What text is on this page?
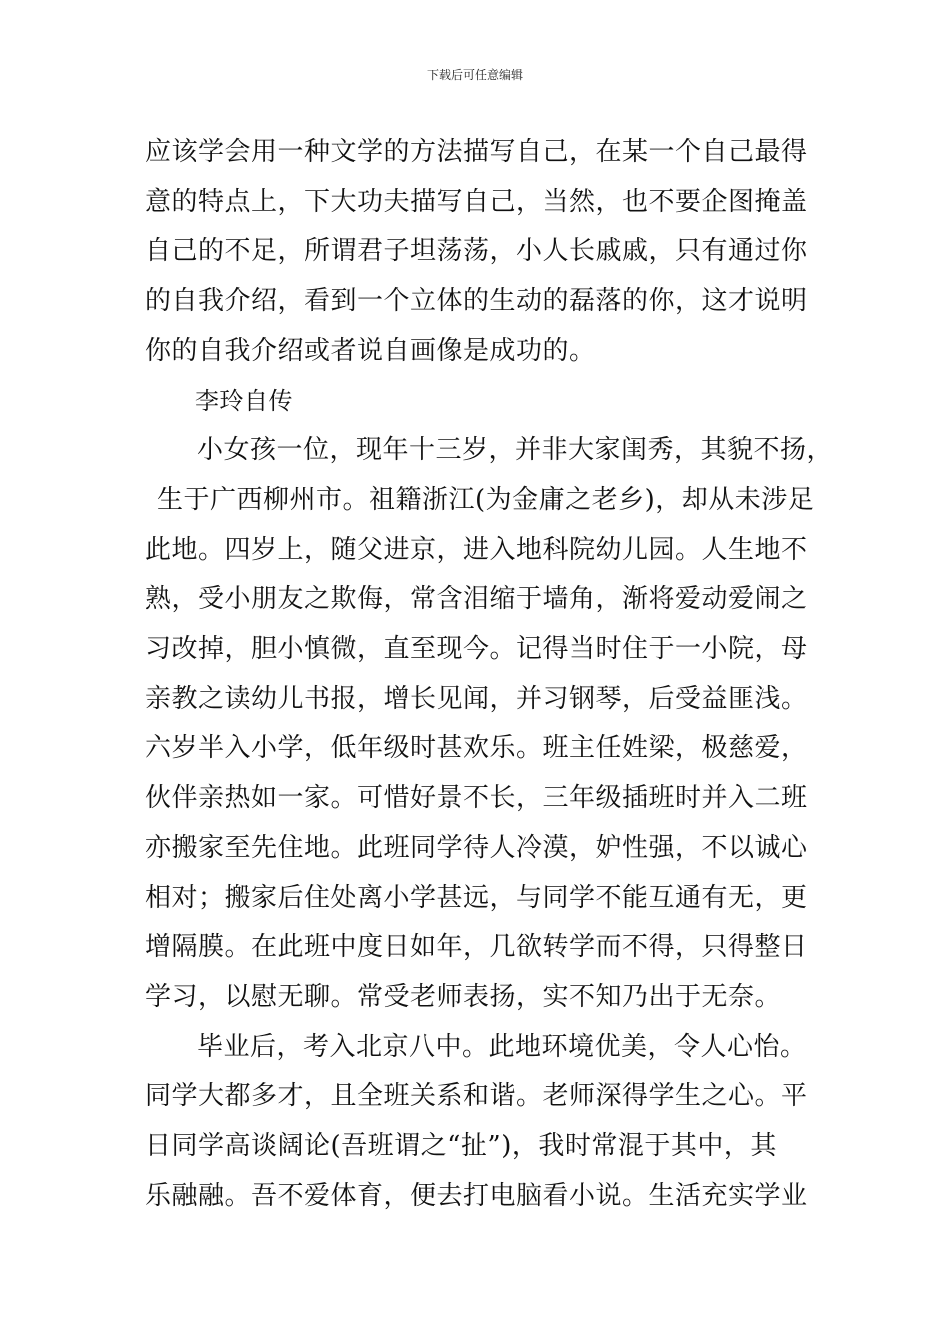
下载后可任意编辑
应该学会用一种文学的方法描写自己，在某一个自己最得
意的特点上，下大功夫描写自己，当然，也不要企图掩盖
自己的不足，所谓君子坦荡荡，小人长戚戚，只有通过你
的自我介绍，看到一个立体的生动的磊落的你，这才说明
你的自我介绍或者说自画像是成功的。
李玲自传
小女孩一位，现年十三岁，并非大家闺秀，其貌不扬，
生于广西柳州市。祖籍浙江(为金庸之老乡)，却从未涉足
此地。四岁上，随父进京，进入地科院幼儿园。人生地不
熟，受小朋友之欺侮，常含泪缩于墙角，渐将爱动爱闹之
习改掉，胆小慎微，直至现今。记得当时住于一小院，母
亲教之读幼儿书报，增长见闻，并习钢琴，后受益匪浅。
六岁半入小学，低年级时甚欢乐。班主任姓梁，极慈爱，
伙伴亲热如一家。可惜好景不长，三年级插班时并入二班
亦搬家至先住地。此班同学待人冷漠，妒性强，不以诚心
相对；搬家后住处离小学甚远，与同学不能互通有无，更
增隔膜。在此班中度日如年，几欲转学而不得，只得整日
学习，以慰无聊。常受老师表扬，实不知乃出于无奈。
毕业后，考入北京八中。此地环境优美，令人心怡。
同学大都多才，且全班关系和谐。老师深得学生之心。平
日同学高谈阔论(吾班谓之“扯”)，我时常混于其中，其
乐融融。吾不爱体育，便去打电脑看小说。生活充实学业
